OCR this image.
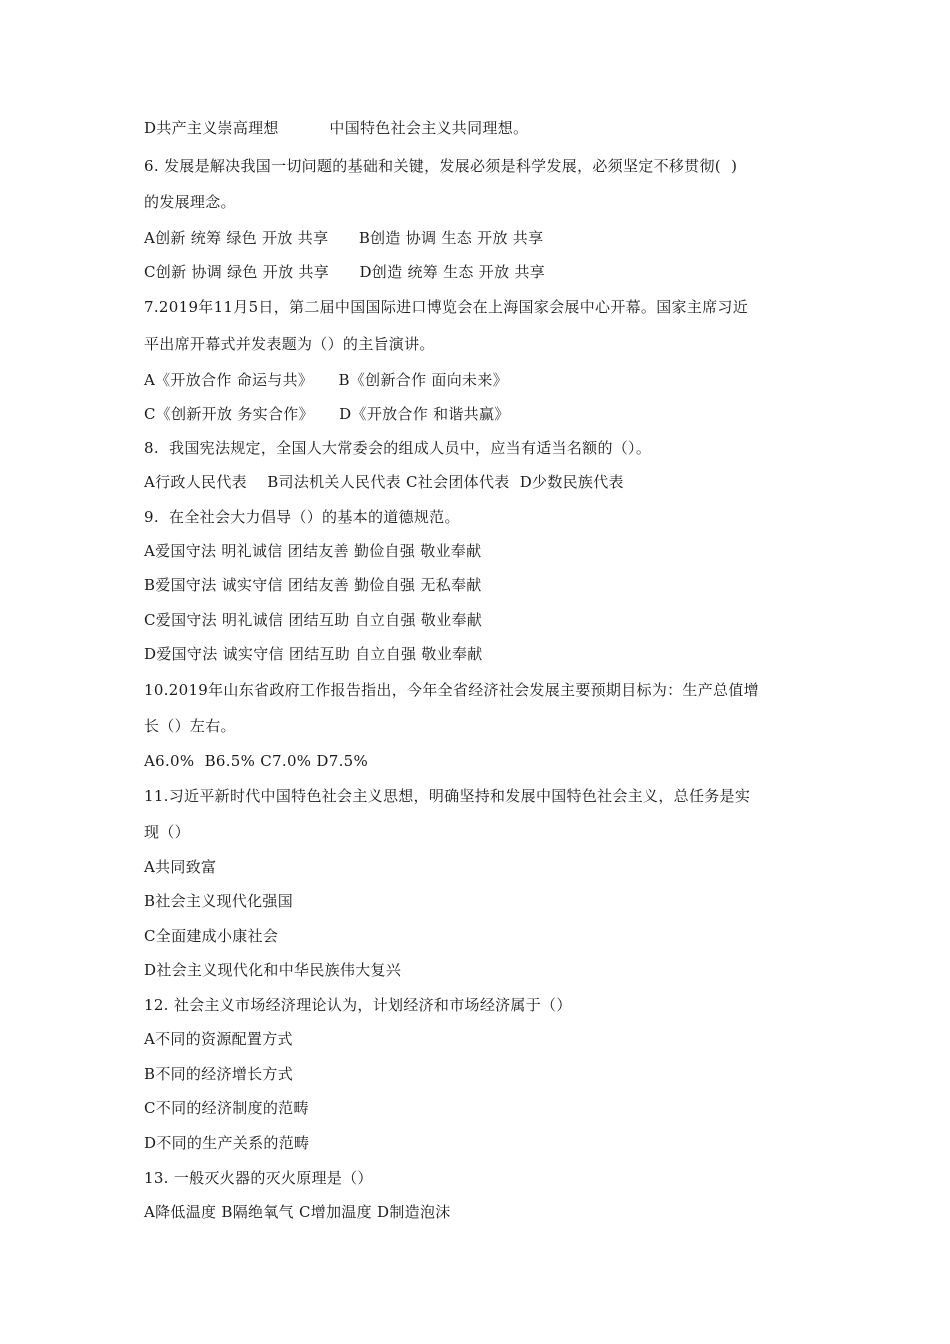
D共产主义崇高理想          中国特色社会主义共同理想。
6. 发展是解决我国一切问题的基础和关键，发展必须是科学发展，必须坚定不移贯彻(  )
的发展理念。
A创新 统筹 绿色 开放 共享      B创造 协调 生态 开放 共享
C创新 协调 绿色 开放 共享      D创造 统筹 生态 开放 共享
7.2019年11月5日，第二届中国国际进口博览会在上海国家会展中心开幕。国家主席习近
平出席开幕式并发表题为（）的主旨演讲。
A《开放合作 命运与共》     B《创新合作 面向未来》
C《创新开放 务实合作》     D《开放合作 和谐共赢》
8.  我国宪法规定，全国人大常委会的组成人员中，应当有适当名额的（）。
A行政人民代表    B司法机关人民代表 C社会团体代表  D少数民族代表
9.  在全社会大力倡导（）的基本的道德规范。
A爱国守法 明礼诚信 团结友善 勤俭自强 敬业奉献
B爱国守法 诚实守信 团结友善 勤俭自强 无私奉献
C爱国守法 明礼诚信 团结互助 自立自强 敬业奉献
D爱国守法 诚实守信 团结互助 自立自强 敬业奉献
10.2019年山东省政府工作报告指出，今年全省经济社会发展主要预期目标为：生产总值增
长（）左右。
A6.0%  B6.5% C7.0% D7.5%
11.习近平新时代中国特色社会主义思想，明确坚持和发展中国特色社会主义，总任务是实
现（）
A共同致富
B社会主义现代化强国
C全面建成小康社会
D社会主义现代化和中华民族伟大复兴
12. 社会主义市场经济理论认为，计划经济和市场经济属于（）
A不同的资源配置方式
B不同的经济增长方式
C不同的经济制度的范畴
D不同的生产关系的范畴
13. 一般灭火器的灭火原理是（）
A降低温度 B隔绝氧气 C增加温度 D制造泡沫
